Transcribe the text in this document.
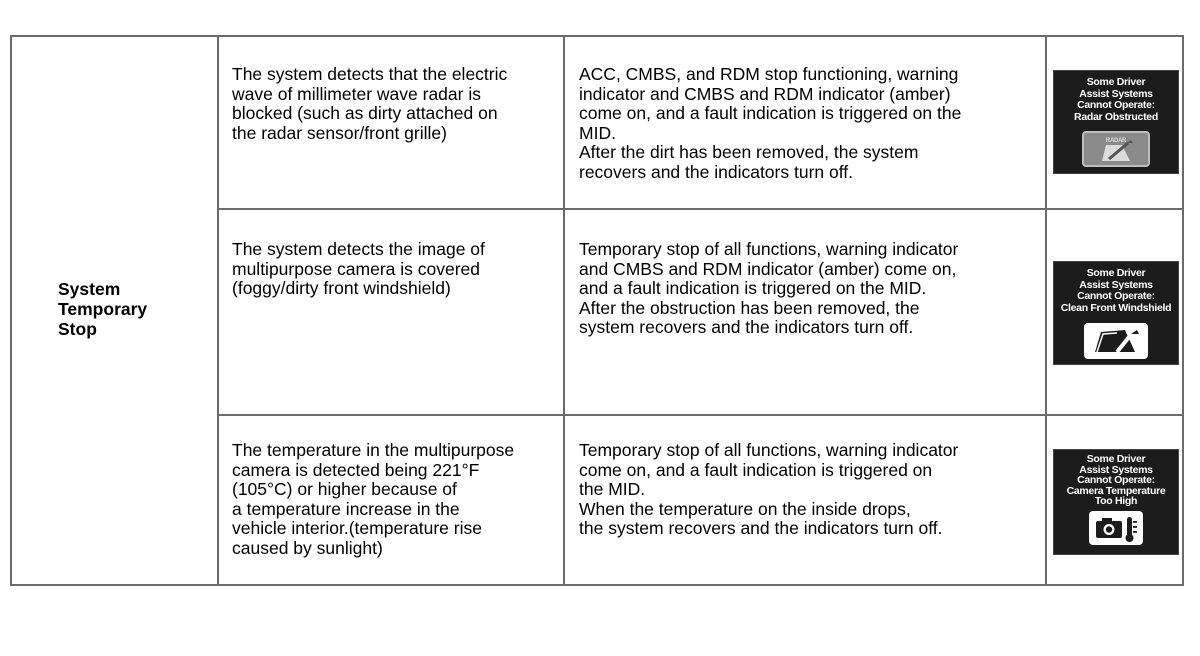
System
Temporary
Stop
The system detects that the electric
wave of millimeter wave radar is
blocked (such as dirty attached on
the radar sensor/front grille)
ACC, CMBS, and RDM stop functioning, warning
indicator and CMBS and RDM indicator (amber)
come on, and a fault indication is triggered on the
MID.
After the dirt has been removed, the system
recovers and the indicators turn off.
Some Driver
Assist Systems
Cannot Operate:
Radar Obstructed
RADAR
The system detects the image of
multipurpose camera is covered
(foggy/dirty front windshield)
Temporary stop of all functions, warning indicator
and CMBS and RDM indicator (amber) come on,
and a fault indication is triggered on the MID.
After the obstruction has been removed, the
system recovers and the indicators turn off.
Some Driver
Assist Systems
Cannot Operate:
Clean Front Windshield
The temperature in the multipurpose
camera is detected being 221°F
(105°C) or higher because of
a temperature increase in the
vehicle interior.(temperature rise
caused by sunlight)
Temporary stop of all functions, warning indicator
come on, and a fault indication is triggered on
the MID.
When the temperature on the inside drops,
the system recovers and the indicators turn off.
Some Driver
Assist Systems
Cannot Operate:
Camera Temperature
Too High
